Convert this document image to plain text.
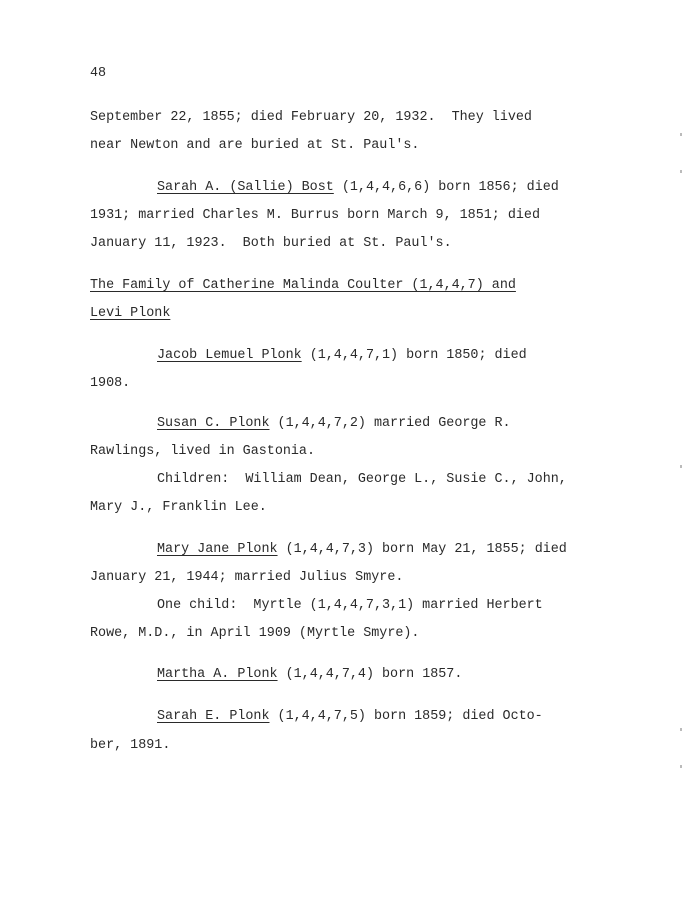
48
September 22, 1855; died February 20, 1932.  They lived
near Newton and are buried at St. Paul's.
Sarah A. (Sallie) Bost (1,4,4,6,6) born 1856; died
1931; married Charles M. Burrus born March 9, 1851; died
January 11, 1923.  Both buried at St. Paul's.
The Family of Catherine Malinda Coulter (1,4,4,7) and
Levi Plonk
Jacob Lemuel Plonk (1,4,4,7,1) born 1850; died
1908.
Susan C. Plonk (1,4,4,7,2) married George R.
Rawlings, lived in Gastonia.
Children:  William Dean, George L., Susie C., John,
Mary J., Franklin Lee.
Mary Jane Plonk (1,4,4,7,3) born May 21, 1855; died
January 21, 1944; married Julius Smyre.
One child:  Myrtle (1,4,4,7,3,1) married Herbert
Rowe, M.D., in April 1909 (Myrtle Smyre).
Martha A. Plonk (1,4,4,7,4) born 1857.
Sarah E. Plonk (1,4,4,7,5) born 1859; died Octo-
ber, 1891.
